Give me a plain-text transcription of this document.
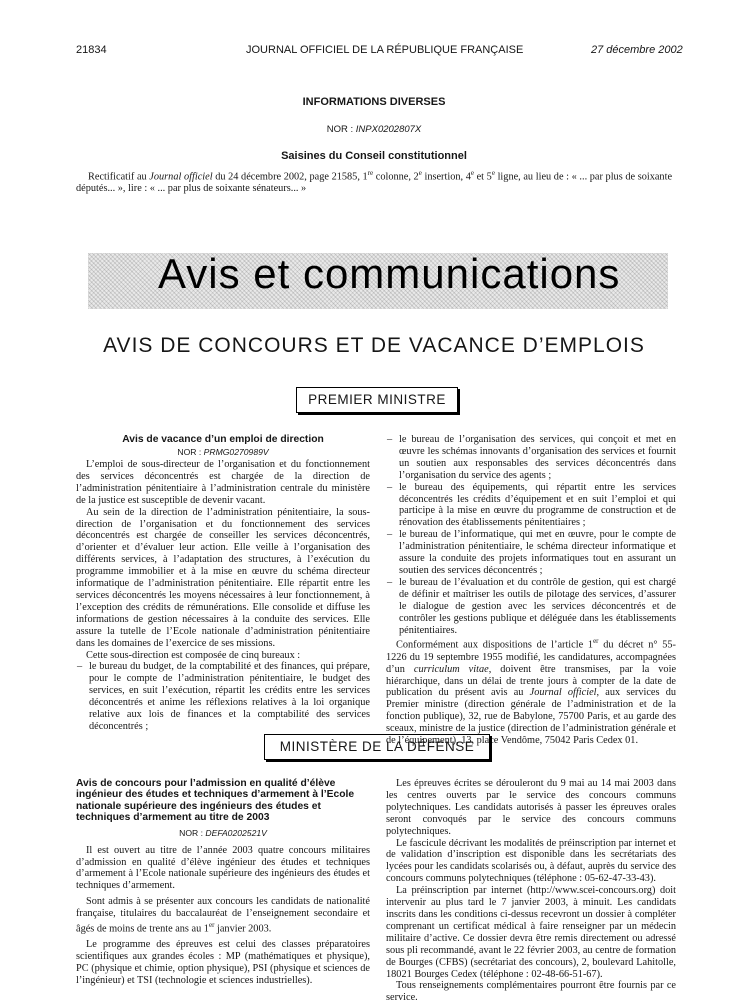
21834	JOURNAL OFFICIEL DE LA RÉPUBLIQUE FRANÇAISE	27 décembre 2002
INFORMATIONS DIVERSES
NOR : INPX0202807X
Saisines du Conseil constitutionnel
Rectificatif au Journal officiel du 24 décembre 2002, page 21585, 1re colonne, 2e insertion, 4e et 5e ligne, au lieu de : « ... par plus de soixante députés... », lire : « ... par plus de soixante sénateurs... »
Avis et communications
AVIS DE CONCOURS ET DE VACANCE D’EMPLOIS
PREMIER MINISTRE
Avis de vacance d’un emploi de direction
NOR : PRMG0270989V

L’emploi de sous-directeur de l’organisation et du fonctionnement des services déconcentrés est chargée de la direction de l’administration pénitentiaire à l’administration centrale du ministère de la justice est susceptible de devenir vacant.

Au sein de la direction de l’administration pénitentiaire, la sous-direction de l’organisation et du fonctionnement des services déconcentrés est chargée de conseiller les services déconcentrés, d’orienter et d’évaluer leur action. Elle veille à l’organisation des différents services, à l’adaptation des structures, à l’exécution du programme immobilier et à la mise en œuvre du schéma directeur informatique de l’administration pénitentiaire. Elle répartit entre les services déconcentrés les moyens nécessaires à leur fonctionnement, à l’exception des crédits de rémunérations. Elle consolide et diffuse les informations de gestion nécessaires à la conduite des services. Elle assure la tutelle de l’Ecole nationale d’administration pénitentiaire dans les domaines de l’exercice de ses missions.

Cette sous-direction est composée de cinq bureaux :

– le bureau du budget, de la comptabilité et des finances, qui prépare, pour le compte de l’administration pénitentiaire, le budget des services, en suit l’exécution, répartit les crédits entre les services déconcentrés et anime les réflexions relatives à la loi organique relative aux lois de finances et la comptabilité des services déconcentrés ;
– le bureau de l’organisation des services, qui conçoit et met en œuvre les schémas innovants d’organisation des services et fournit un soutien aux responsables des services déconcentrés dans l’organisation du service des agents ;
– le bureau des équipements, qui répartit entre les services déconcentrés les crédits d’équipement et en suit l’emploi et qui participe à la mise en œuvre du programme de construction et de rénovation des établissements pénitentiaires ;
– le bureau de l’informatique, qui met en œuvre, pour le compte de l’administration pénitentiaire, le schéma directeur informatique et assure la conduite des projets informatiques tout en assurant un soutien des services déconcentrés ;
– le bureau de l’évaluation et du contrôle de gestion, qui est chargé de définir et maîtriser les outils de pilotage des services, d’assurer le dialogue de gestion avec les services déconcentrés et de contrôler les gestions publique et déléguée dans les établissements pénitentiaires.

Conformément aux dispositions de l’article 1er du décret n° 55-1226 du 19 septembre 1955 modifié, les candidatures, accompagnées d’un curriculum vitae, doivent être transmises, par la voie hiérarchique, dans un délai de trente jours à compter de la date de publication du présent avis au Journal officiel, aux services du Premier ministre (direction générale de l’administration et de la fonction publique), 32, rue de Babylone, 75700 Paris, et au garde des sceaux, ministre de la justice (direction de l’administration générale et de l’équipement), 13, place Vendôme, 75042 Paris Cedex 01.

MINISTÈRE DE LA DÉFENSE
Avis de concours pour l’admission en qualité d’élève ingénieur des études et techniques d’armement à l’Ecole nationale supérieure des ingénieurs des études et techniques d’armement au titre de 2003
NOR : DEFA0202521V

Il est ouvert au titre de l’année 2003 quatre concours militaires d’admission en qualité d’élève ingénieur des études et techniques d’armement à l’Ecole nationale supérieure des ingénieurs des études et techniques d’armement.

Sont admis à se présenter aux concours les candidats de nationalité française, titulaires du baccalauréat de l’enseignement secondaire et âgés de moins de trente ans au 1er janvier 2003.

Le programme des épreuves est celui des classes préparatoires scientifiques aux grandes écoles : MP (mathématiques et physique), PC (physique et chimie, option physique), PSI (physique et sciences de l’ingénieur) et TSI (technologie et sciences industrielles).

Les épreuves écrites se dérouleront du 9 mai au 14 mai 2003 dans les centres ouverts par le service des concours communs polytechniques. Les candidats autorisés à passer les épreuves orales seront convoqués par le service des concours communs polytechniques.

Le fascicule décrivant les modalités de préinscription par internet et de validation d’inscription est disponible dans les secrétariats des lycées pour les candidats scolarisés ou, à défaut, auprès du service des concours communs polytechniques (téléphone : 05-62-47-33-43).

La préinscription par internet (http://www.scei-concours.org) doit intervenir au plus tard le 7 janvier 2003, à minuit. Les candidats inscrits dans les conditions ci-dessus recevront un dossier à compléter comprenant un certificat médical à faire renseigner par un médecin militaire d’active. Ce dossier devra être remis directement ou adressé sous pli recommandé, avant le 22 février 2003, au centre de formation de Bourges (CFBS) (secrétariat des concours), 2, boulevard Lahitolle, 18021 Bourges Cedex (téléphone : 02-48-66-51-67).

Tous renseignements complémentaires pourront être fournis par ce service.
